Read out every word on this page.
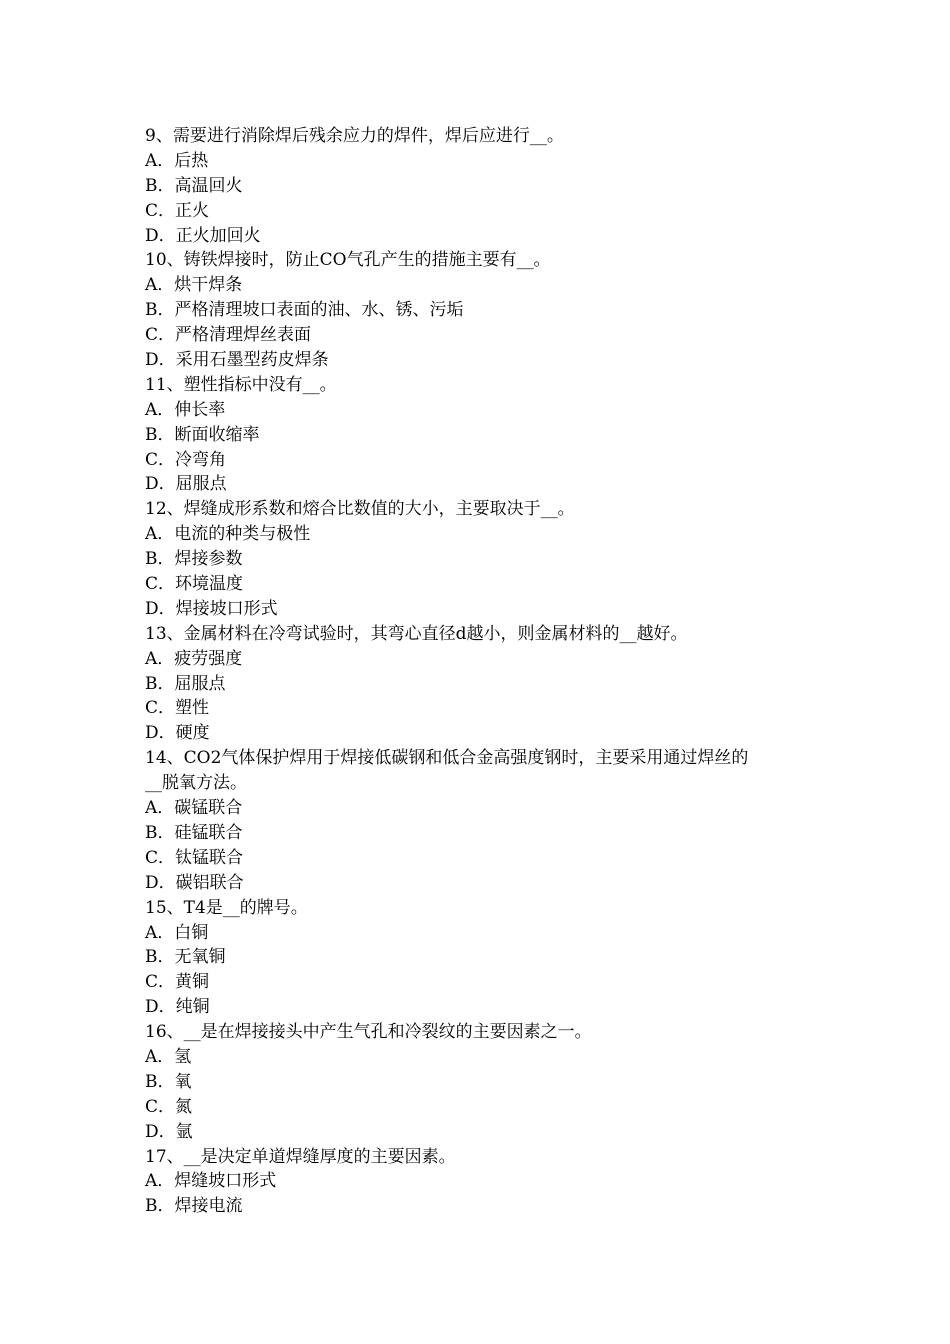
9、需要进行消除焊后残余应力的焊件，焊后应进行__。
A．后热
B．高温回火
C．正火
D．正火加回火
10、铸铁焊接时，防止CO气孔产生的措施主要有__。
A．烘干焊条
B．严格清理坡口表面的油、水、锈、污垢
C．严格清理焊丝表面
D．采用石墨型药皮焊条
11、塑性指标中没有__。
A．伸长率
B．断面收缩率
C．冷弯角
D．屈服点
12、焊缝成形系数和熔合比数值的大小，主要取决于__。
A．电流的种类与极性
B．焊接参数
C．环境温度
D．焊接坡口形式
13、金属材料在冷弯试验时，其弯心直径d越小，则金属材料的__越好。
A．疲劳强度
B．屈服点
C．塑性
D．硬度
14、CO2气体保护焊用于焊接低碳钢和低合金高强度钢时，主要采用通过焊丝的
__脱氧方法。
A．碳锰联合
B．硅锰联合
C．钛锰联合
D．碳铝联合
15、T4是__的牌号。
A．白铜
B．无氧铜
C．黄铜
D．纯铜
16、__是在焊接接头中产生气孔和冷裂纹的主要因素之一。
A．氢
B．氧
C．氮
D．氩
17、__是决定单道焊缝厚度的主要因素。
A．焊缝坡口形式
B．焊接电流
